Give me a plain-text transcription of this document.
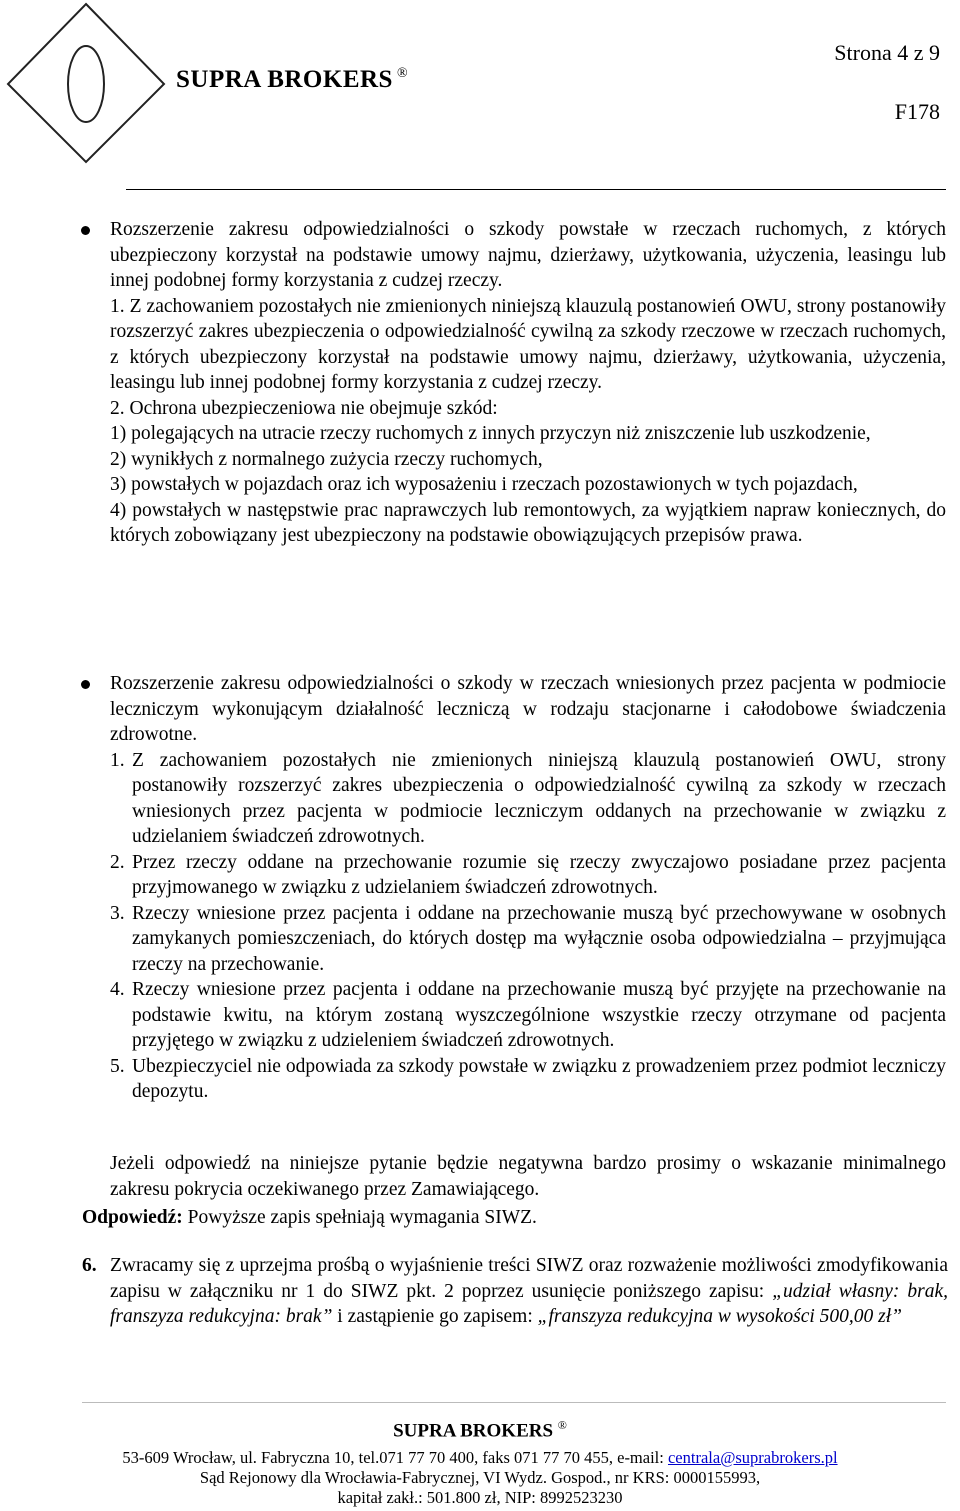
SUPRA BROKERS ®
Strona 4 z 9
F178

Rozszerzenie zakresu odpowiedzialności o szkody powstałe w rzeczach ruchomych, z których ubezpieczony korzystał na podstawie umowy najmu, dzierżawy, użytkowania, użyczenia, leasingu lub innej podobnej formy korzystania z cudzej rzeczy.

1. Z zachowaniem pozostałych nie zmienionych niniejszą klauzulą postanowień OWU, strony postanowiły rozszerzyć zakres ubezpieczenia o odpowiedzialność cywilną za szkody rzeczowe w rzeczach ruchomych, z których ubezpieczony korzystał na podstawie umowy najmu, dzierżawy, użytkowania, użyczenia, leasingu lub innej podobnej formy korzystania z cudzej rzeczy.

2. Ochrona ubezpieczeniowa nie obejmuje szkód:

1) polegających na utracie rzeczy ruchomych z innych przyczyn niż zniszczenie lub uszkodzenie,

2) wynikłych z normalnego zużycia rzeczy ruchomych,

3) powstałych w pojazdach oraz ich wyposażeniu i rzeczach pozostawionych w tych pojazdach,

4) powstałych w następstwie prac naprawczych lub remontowych, za wyjątkiem napraw koniecznych, do których zobowiązany jest ubezpieczony na podstawie obowiązujących przepisów prawa.

Rozszerzenie zakresu odpowiedzialności o szkody w rzeczach wniesionych przez pacjenta w podmiocie leczniczym wykonującym działalność leczniczą w rodzaju stacjonarne i całodobowe świadczenia zdrowotne.

1. Z zachowaniem pozostałych nie zmienionych niniejszą klauzulą postanowień OWU, strony postanowiły rozszerzyć zakres ubezpieczenia o odpowiedzialność cywilną za szkody w rzeczach wniesionych przez pacjenta w podmiocie leczniczym oddanych na przechowanie w związku z udzielaniem świadczeń zdrowotnych.
2. Przez rzeczy oddane na przechowanie rozumie się rzeczy zwyczajowo posiadane przez pacjenta przyjmowanego w związku z udzielaniem świadczeń zdrowotnych.
3. Rzeczy wniesione przez pacjenta i oddane na przechowanie muszą być przechowywane w osobnych zamykanych pomieszczeniach, do których dostęp ma wyłącznie osoba odpowiedzialna – przyjmująca rzeczy na przechowanie.
4. Rzeczy wniesione przez pacjenta i oddane na przechowanie muszą być przyjęte na przechowanie na podstawie kwitu, na którym zostaną wyszczególnione wszystkie rzeczy otrzymane od pacjenta przyjętego w związku z udzieleniem świadczeń zdrowotnych.
5. Ubezpieczyciel nie odpowiada za szkody powstałe w związku z prowadzeniem przez podmiot leczniczy depozytu.

Jeżeli odpowiedź na niniejsze pytanie będzie negatywna bardzo prosimy o wskazanie minimalnego zakresu pokrycia oczekiwanego przez Zamawiającego.

Odpowiedź: Powyższe zapis spełniają wymagania SIWZ.

6. Zwracamy się z uprzejma prośbą o wyjaśnienie treści SIWZ oraz rozważenie możliwości zmodyfikowania zapisu w załączniku nr 1 do SIWZ pkt. 2 poprzez usunięcie poniższego zapisu: „udział własny: brak, franszyza redukcyjna: brak” i zastąpienie go zapisem: „franszyza redukcyjna w wysokości 500,00 zł”

SUPRA BROKERS ®
53-609 Wrocław, ul. Fabryczna 10, tel.071 77 70 400, faks 071 77 70 455, e-mail: centrala@suprabrokers.pl
Sąd Rejonowy dla Wrocławia-Fabrycznej, VI Wydz. Gospod., nr KRS: 0000155993,
kapitał zakł.: 501.800 zł, NIP: 8992523230
